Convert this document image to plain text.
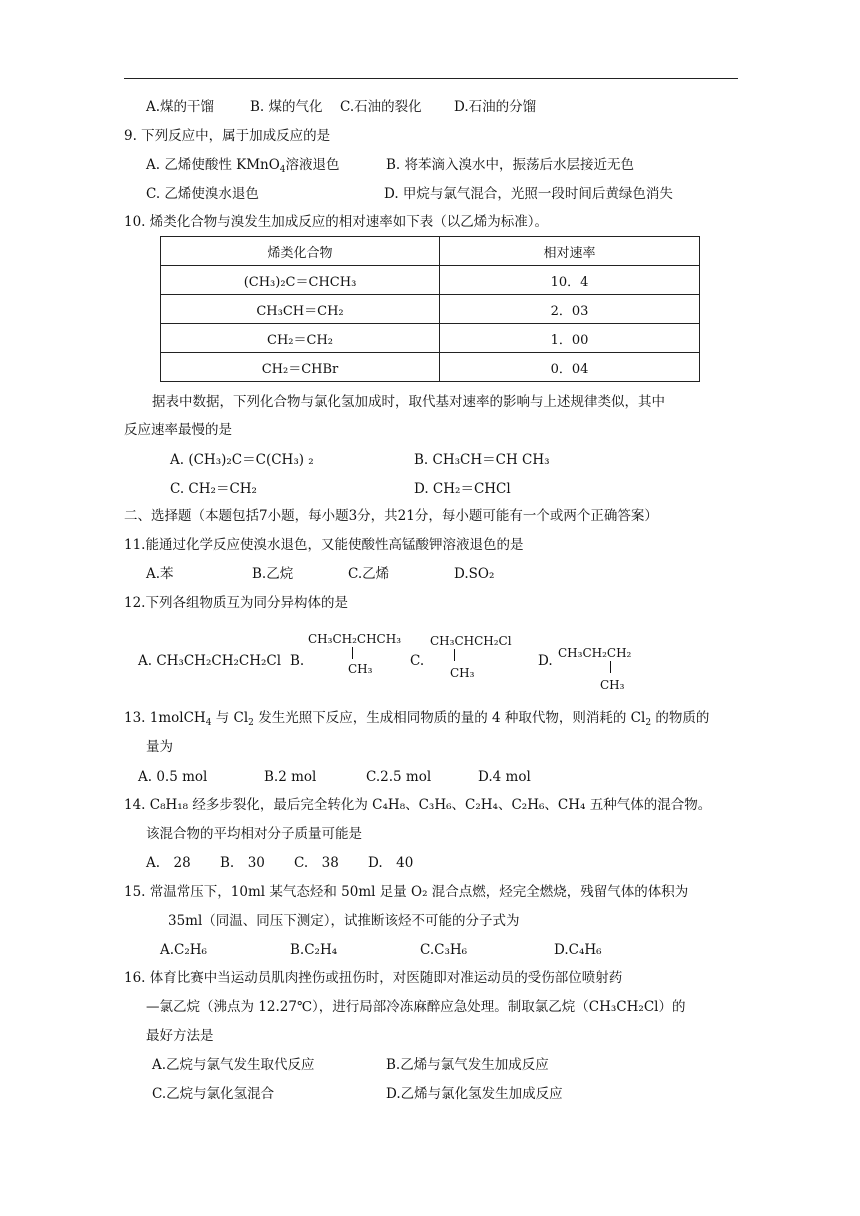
A.煤的干馏	B. 煤的气化 C.石油的裂化 D.石油的分馏
9. 下列反应中，属于加成反应的是
A. 乙烯使酸性 KMnO$_4$溶液退色	B. 将苯滴入溴水中，振荡后水层接近无色
C. 乙烯使溴水退色	D. 甲烷与氯气混合，光照一段时间后黄绿色消失
10. 烯类化合物与溴发生加成反应的相对速率如下表（以乙烯为标准）。
烯类化合物	相对速率
(CH₃)₂C＝CHCH₃	10．4
CH₃CH＝CH₂	2．03
CH₂＝CH₂	1．00
CH₂＝CHBr	0．04
据表中数据，下列化合物与氯化氢加成时，取代基对速率的影响与上述规律类似，其中
反应速率最慢的是
A. (CH₃)₂C＝C(CH₃) ₂	B. CH₃CH＝CH CH₃
C. CH₂＝CH₂	D. CH₂＝CHCl
二、选择题（本题包括7小题，每小题3分，共21分，每小题可能有一个或两个正确答案）
11.能通过化学反应使溴水退色，又能使酸性高锰酸钾溶液退色的是
A.苯	B.乙烷	C.乙烯	D.SO₂
12.下列各组物质互为同分异构体的是
A. CH₃CH₂CH₂CH₂Cl B.
CH₃CH₂CHCH₃
CH₃	C.
CH₃CHCH₂Cl
CH₃
D. CH₃CH₂CH₂
CH₃
13. 1molCH$_4$ 与 $Cl_2$ 发生光照下反应，生成相同物质的量的 4 种取代物，则消耗的 $Cl_2$ 的物质的
量为
A. 0.5 mol	B.2 mol	C.2.5 mol	D.4 mol
14. C₈H₁₈ 经多步裂化，最后完全转化为 C₄H₈、C₃H₆、C₂H₄、C₂H₆、CH₄ 五种气体的混合物。
该混合物的平均相对分子质量可能是
A.　28 B.　30 C.　38 D.　40
15. 常温常压下，10ml 某气态烃和 50ml 足量 O₂ 混合点燃，烃完全燃烧，残留气体的体积为
35ml（同温、同压下测定），试推断该烃不可能的分子式为
A.C₂H₆	B.C₂H₄	C.C₃H₆	D.C₄H₆
16. 体育比赛中当运动员肌肉挫伤或扭伤时，对医随即对准运动员的受伤部位喷射药
—氯乙烷（沸点为 12.27℃），进行局部冷冻麻醉应急处理。制取氯乙烷（CH₃CH₂Cl）的
最好方法是
A.乙烷与氯气发生取代反应	B.乙烯与氯气发生加成反应
C.乙烷与氯化氢混合	D.乙烯与氯化氢发生加成反应
